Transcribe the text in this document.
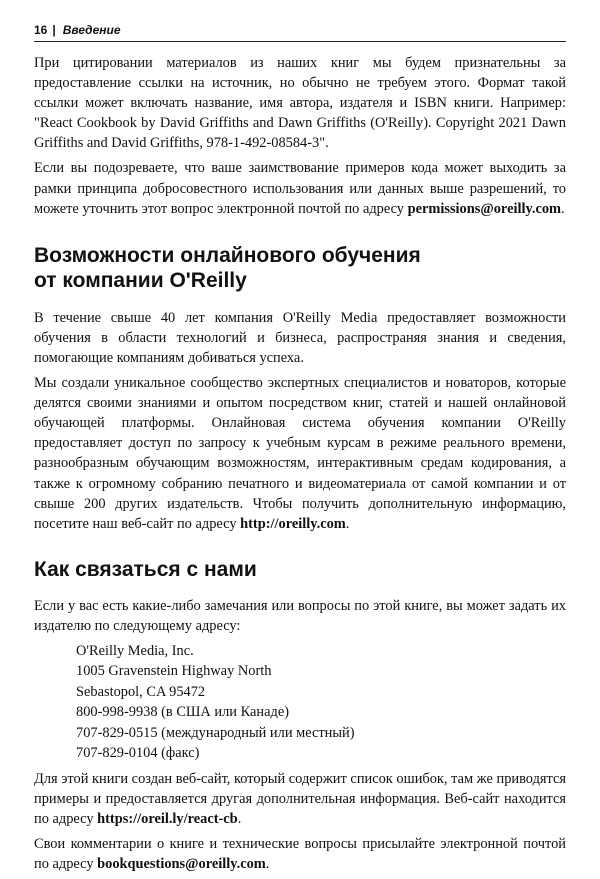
16 | Введение

При цитировании материалов из наших книг мы будем признательны за предоставление ссылки на источник, но обычно не требуем этого. Формат такой ссылки может включать название, имя автора, издателя и ISBN книги. Например: "React Cookbook by David Griffiths and Dawn Griffiths (O'Reilly). Copyright 2021 Dawn Griffiths and David Griffiths, 978-1-492-08584-3".

Если вы подозреваете, что ваше заимствование примеров кода может выходить за рамки принципа добросовестного использования или данных выше разрешений, то можете уточнить этот вопрос электронной почтой по адресу permissions@oreilly.com.

Возможности онлайнового обучения
от компании O'Reilly

В течение свыше 40 лет компания O'Reilly Media предоставляет возможности обучения в области технологий и бизнеса, распространяя знания и сведения, помогающие компаниям добиваться успеха.

Мы создали уникальное сообщество экспертных специалистов и новаторов, которые делятся своими знаниями и опытом посредством книг, статей и нашей онлайновой обучающей платформы. Онлайновая система обучения компании O'Reilly предоставляет доступ по запросу к учебным курсам в режиме реального времени, разнообразным обучающим возможностям, интерактивным средам кодирования, а также к огромному собранию печатного и видеоматериала от самой компании и от свыше 200 других издательств. Чтобы получить дополнительную информацию, посетите наш веб-сайт по адресу http://oreilly.com.

Как связаться с нами

Если у вас есть какие-либо замечания или вопросы по этой книге, вы может задать их издателю по следующему адресу:

O'Reilly Media, Inc.
1005 Gravenstein Highway North
Sebastopol, CA 95472
800-998-9938 (в США или Канаде)
707-829-0515 (международный или местный)
707-829-0104 (факс)

Для этой книги создан веб-сайт, который содержит список ошибок, там же приводятся примеры и предоставляется другая дополнительная информация. Веб-сайт находится по адресу https://oreil.ly/react-cb.

Свои комментарии о книге и технические вопросы присылайте электронной почтой по адресу bookquestions@oreilly.com.
